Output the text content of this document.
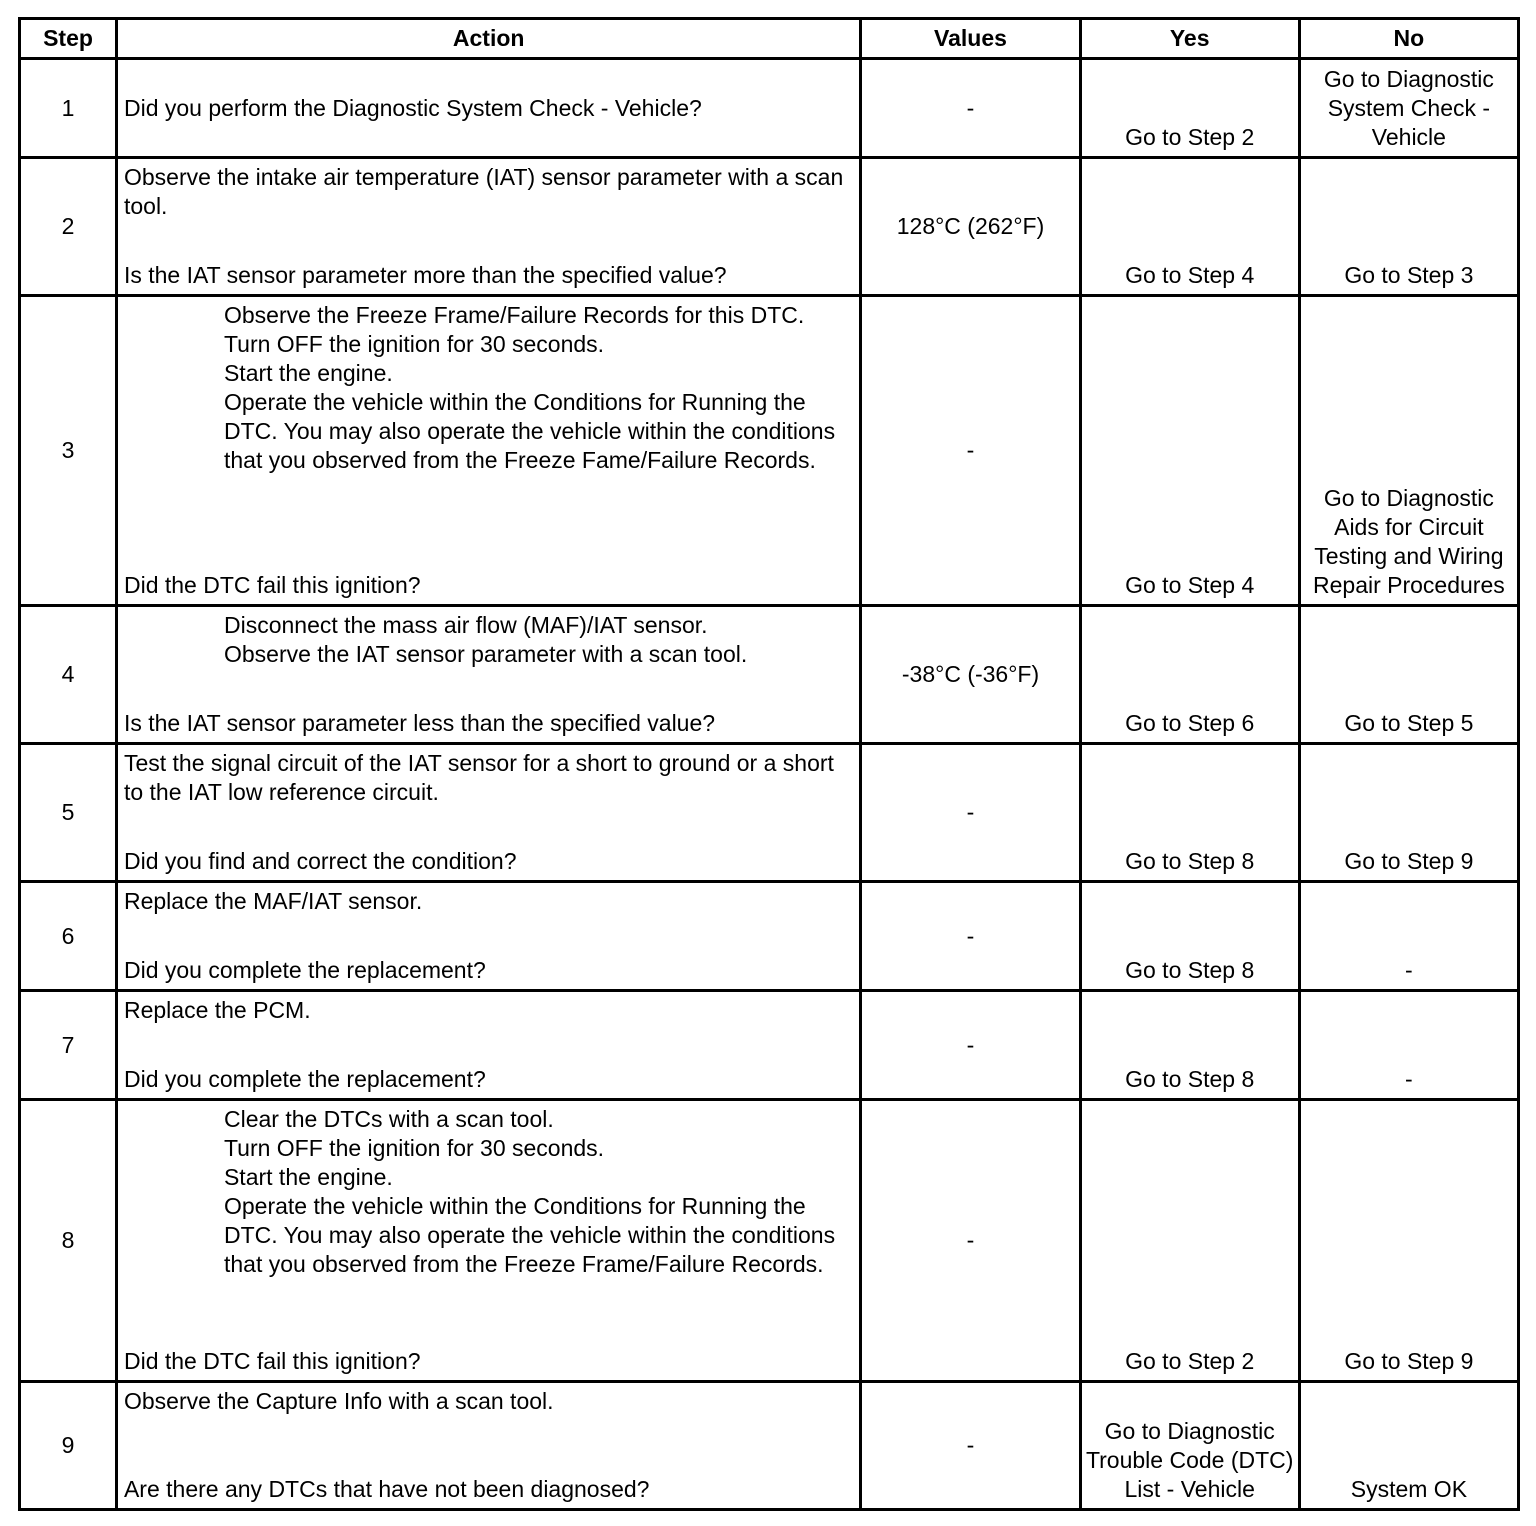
Step	Action	Values	Yes	No
1	Did you perform the Diagnostic System Check - Vehicle?	-	Go to Step 2	Go to Diagnostic System Check - Vehicle

2	Observe the intake air temperature (IAT) sensor parameter with a scan tool.
Is the IAT sensor parameter more than the specified value?	128°C (262°F)	Go to Step 4	Go to Step 3

3	Observe the Freeze Frame/Failure Records for this DTC.
Turn OFF the ignition for 30 seconds.
Start the engine.
Operate the vehicle within the Conditions for Running the DTC. You may also operate the vehicle within the conditions that you observed from the Freeze Fame/Failure Records.
Did the DTC fail this ignition?	-	Go to Step 4	Go to Diagnostic Aids for Circuit Testing and Wiring Repair Procedures

4	Disconnect the mass air flow (MAF)/IAT sensor.
Observe the IAT sensor parameter with a scan tool.
Is the IAT sensor parameter less than the specified value?	-38°C (-36°F)	Go to Step 6	Go to Step 5

5	Test the signal circuit of the IAT sensor for a short to ground or a short to the IAT low reference circuit.
Did you find and correct the condition?	-	Go to Step 8	Go to Step 9

6	Replace the MAF/IAT sensor.
Did you complete the replacement?	-	Go to Step 8	-

7	Replace the PCM.
Did you complete the replacement?	-	Go to Step 8	-

8	Clear the DTCs with a scan tool.
Turn OFF the ignition for 30 seconds.
Start the engine.
Operate the vehicle within the Conditions for Running the DTC. You may also operate the vehicle within the conditions that you observed from the Freeze Frame/Failure Records.
Did the DTC fail this ignition?	-	Go to Step 2	Go to Step 9

9	Observe the Capture Info with a scan tool.
Are there any DTCs that have not been diagnosed?	-	Go to Diagnostic Trouble Code (DTC) List - Vehicle	System OK
